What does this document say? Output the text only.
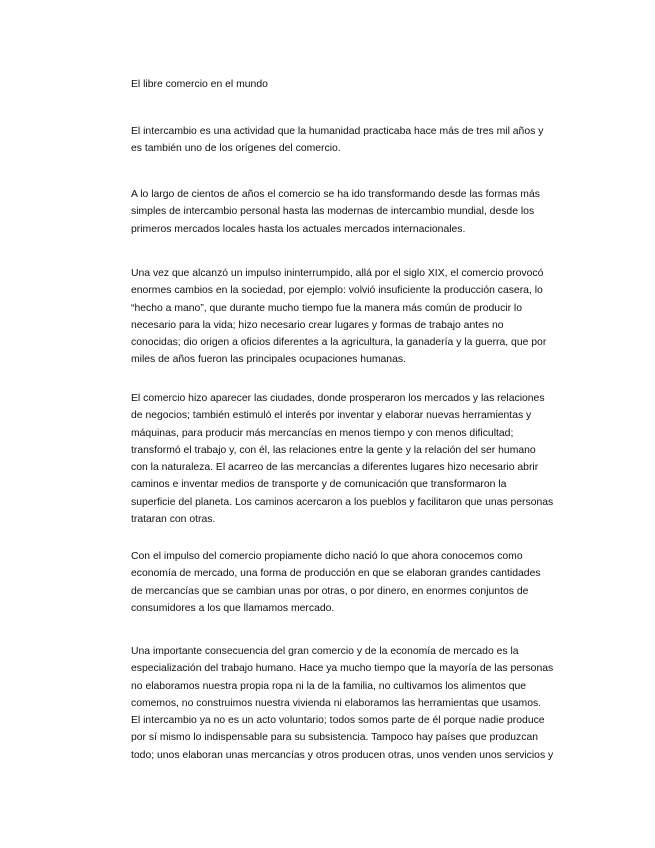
El libre comercio en el mundo

El intercambio es una actividad que la humanidad practicaba hace más de tres mil años y
es también uno de los orígenes del comercio.

A lo largo de cientos de años el comercio se ha ido transformando desde las formas más
simples de intercambio personal hasta las modernas de intercambio mundial, desde los
primeros mercados locales hasta los actuales mercados internacionales.

Una vez que alcanzó un impulso ininterrumpido, allá por el siglo XIX, el comercio provocó
enormes cambios en la sociedad, por ejemplo: volvió insuficiente la producción casera, lo
“hecho a mano”, que durante mucho tiempo fue la manera más común de producir lo
necesario para la vida; hizo necesario crear lugares y formas de trabajo antes no
conocidas; dio origen a oficios diferentes a la agricultura, la ganadería y la guerra, que por
miles de años fueron las principales ocupaciones humanas.

El comercio hizo aparecer las ciudades, donde prosperaron los mercados y las relaciones
de negocios; también estimuló el interés por inventar y elaborar nuevas herramientas y
máquinas, para producir más mercancías en menos tiempo y con menos dificultad;
transformó el trabajo y, con él, las relaciones entre la gente y la relación del ser humano
con la naturaleza. El acarreo de las mercancías a diferentes lugares hizo necesario abrir
caminos e inventar medios de transporte y de comunicación que transformaron la
superficie del planeta. Los caminos acercaron a los pueblos y facilitaron que unas personas
trataran con otras.

Con el impulso del comercio propiamente dicho nació lo que ahora conocemos como
economía de mercado, una forma de producción en que se elaboran grandes cantidades
de mercancías que se cambian unas por otras, o por dinero, en enormes conjuntos de
consumidores a los que llamamos mercado.

Una importante consecuencia del gran comercio y de la economía de mercado es la
especialización del trabajo humano. Hace ya mucho tiempo que la mayoría de las personas
no elaboramos nuestra propia ropa ni la de la familia, no cultivamos los alimentos que
comemos, no construimos nuestra vivienda ni elaboramos las herramientas que usamos.
El intercambio ya no es un acto voluntario; todos somos parte de él porque nadie produce
por sí mismo lo indispensable para su subsistencia. Tampoco hay países que produzcan
todo; unos elaboran unas mercancías y otros producen otras, unos venden unos servicios y
